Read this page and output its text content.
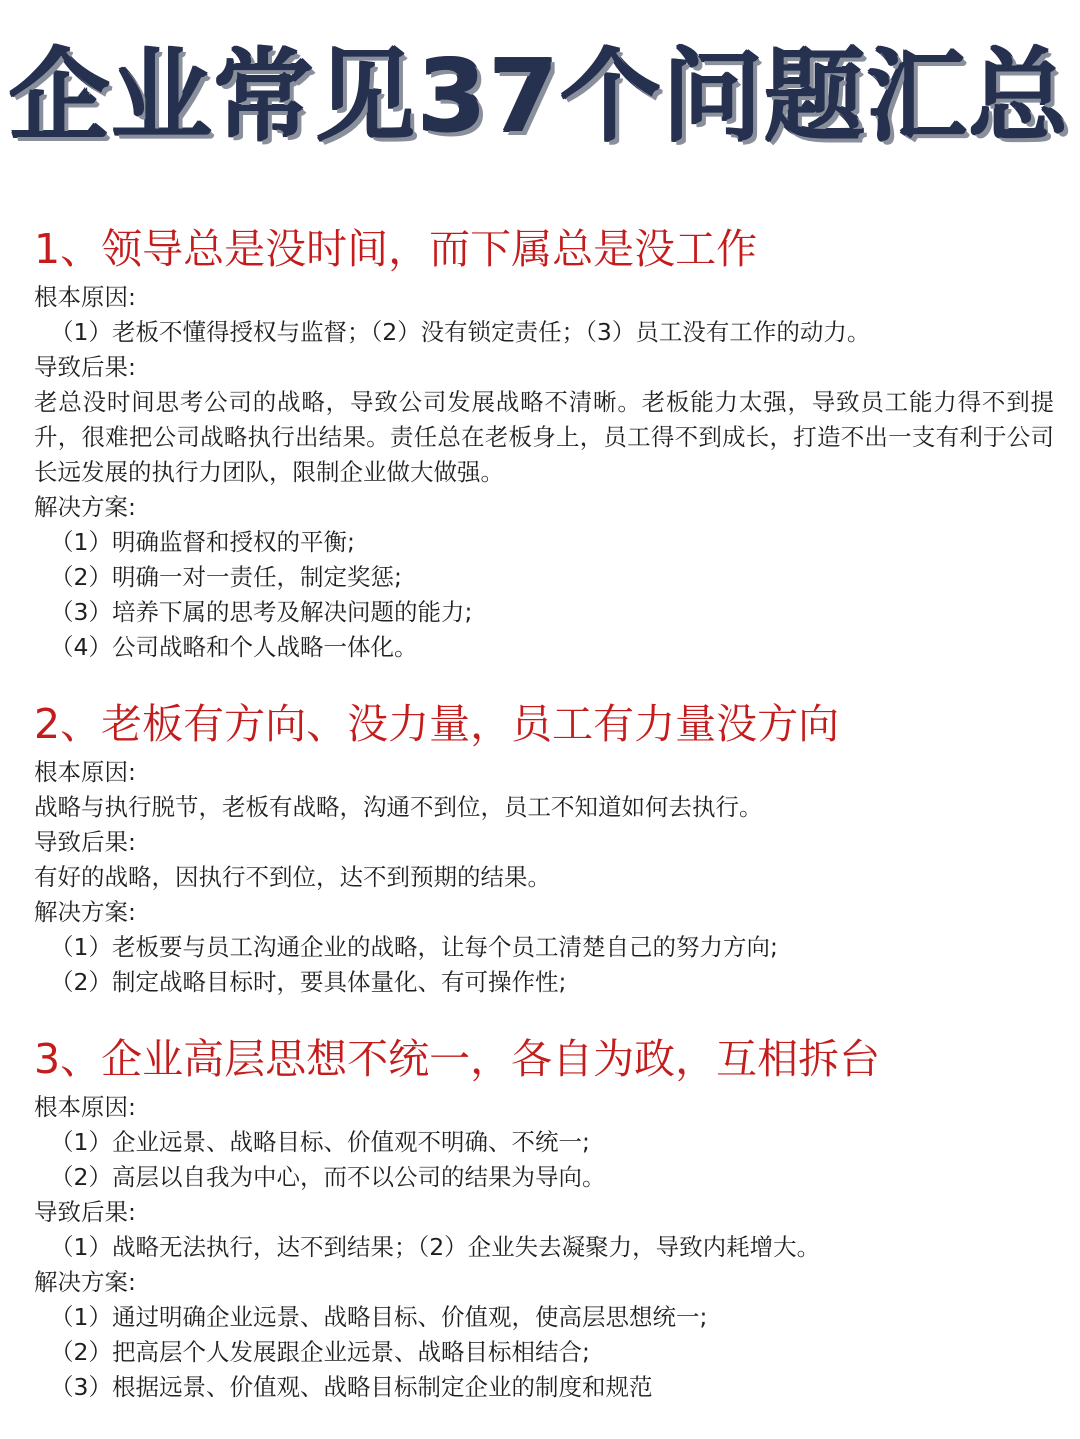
企业常见37个问题汇总
1、领导总是没时间，而下属总是没工作
根本原因:
（1）老板不懂得授权与监督；（2）没有锁定责任；（3）员工没有工作的动力。
导致后果:
老总没时间思考公司的战略，导致公司发展战略不清晰。老板能力太强，导致员工能力得不到提升，很难把公司战略执行出结果。责任总在老板身上，员工得不到成长，打造不出一支有利于公司长远发展的执行力团队，限制企业做大做强。
解决方案:
（1）明确监督和授权的平衡;
（2）明确一对一责任，制定奖惩;
（3）培养下属的思考及解决问题的能力;
（4）公司战略和个人战略一体化。
2、老板有方向、没力量，员工有力量没方向
根本原因:
战略与执行脱节，老板有战略，沟通不到位，员工不知道如何去执行。
导致后果:
有好的战略，因执行不到位，达不到预期的结果。
解决方案:
（1）老板要与员工沟通企业的战略，让每个员工清楚自己的努力方向;
（2）制定战略目标时，要具体量化、有可操作性;
3、企业高层思想不统一，各自为政，互相拆台
根本原因:
（1）企业远景、战略目标、价值观不明确、不统一;
（2）高层以自我为中心，而不以公司的结果为导向。
导致后果:
（1）战略无法执行，达不到结果；（2）企业失去凝聚力，导致内耗增大。
解决方案:
（1）通过明确企业远景、战略目标、价值观，使高层思想统一;
（2）把高层个人发展跟企业远景、战略目标相结合;
（3）根据远景、价值观、战略目标制定企业的制度和规范
